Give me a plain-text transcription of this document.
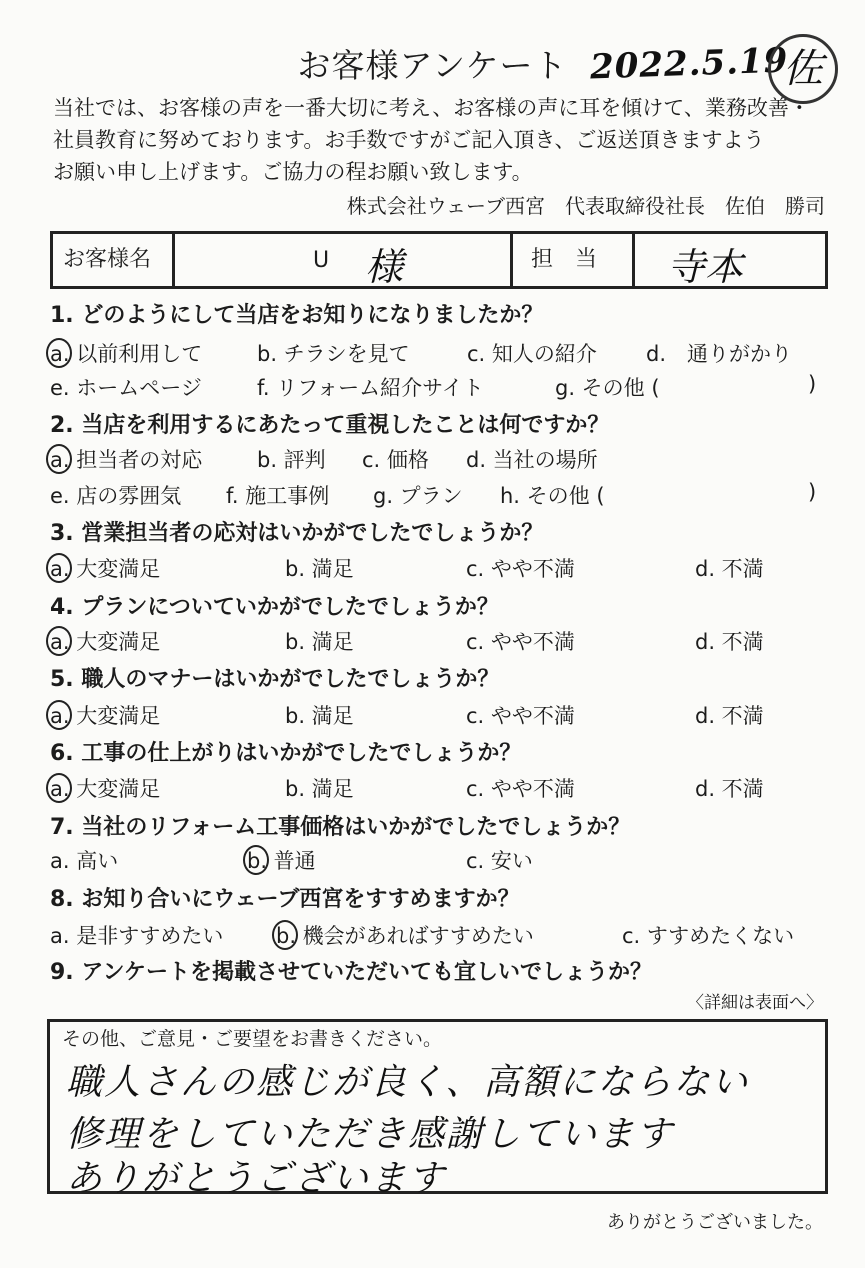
お客様アンケート 2022.5.19
佐
当社では、お客様の声を一番大切に考え、お客様の声に耳を傾けて、業務改善・
社員教育に努めております。お手数ですがご記入頂き、ご返送頂きますよう
お願い申し上げます。ご協力の程お願い致します。
株式会社ウェーブ西宮　代表取締役社長　佐伯　勝司
お客様名	U 様	担　当	寺本
1. どのようにして当店をお知りになりましたか？
a. 以前利用して	b. チラシを見て	c. 知人の紹介 d.　通りがかり
e. ホームページ	f. リフォーム紹介サイト	g. その他 (	)
2. 当店を利用するにあたって重視したことは何ですか？
a. 担当者の対応	b. 評判 c. 価格 d. 当社の場所
e. 店の雰囲気 f. 施工事例 g. プラン h. その他 (	)
3. 営業担当者の応対はいかがでしたでしょうか？
a. 大変満足	b. 満足	c. やや不満	d. 不満
4. プランについていかがでしたでしょうか？
a. 大変満足	b. 満足	c. やや不満	d. 不満
5. 職人のマナーはいかがでしたでしょうか？
a. 大変満足	b. 満足	c. やや不満	d. 不満
6. 工事の仕上がりはいかがでしたでしょうか？
a. 大変満足	b. 満足	c. やや不満	d. 不満
7. 当社のリフォーム工事価格はいかがでしたでしょうか？
a. 高い	b. 普通	c. 安い
8. お知り合いにウェーブ西宮をすすめますか？
a. 是非すすめたい	b. 機会があればすすめたい	c. すすめたくない
9. アンケートを掲載させていただいても宜しいでしょうか？
〈詳細は表面へ〉
その他、ご意見・ご要望をお書きください。
職人さんの感じが良く、高額にならない
修理をしていただき感謝しています
ありがとうございます
ありがとうございました。
